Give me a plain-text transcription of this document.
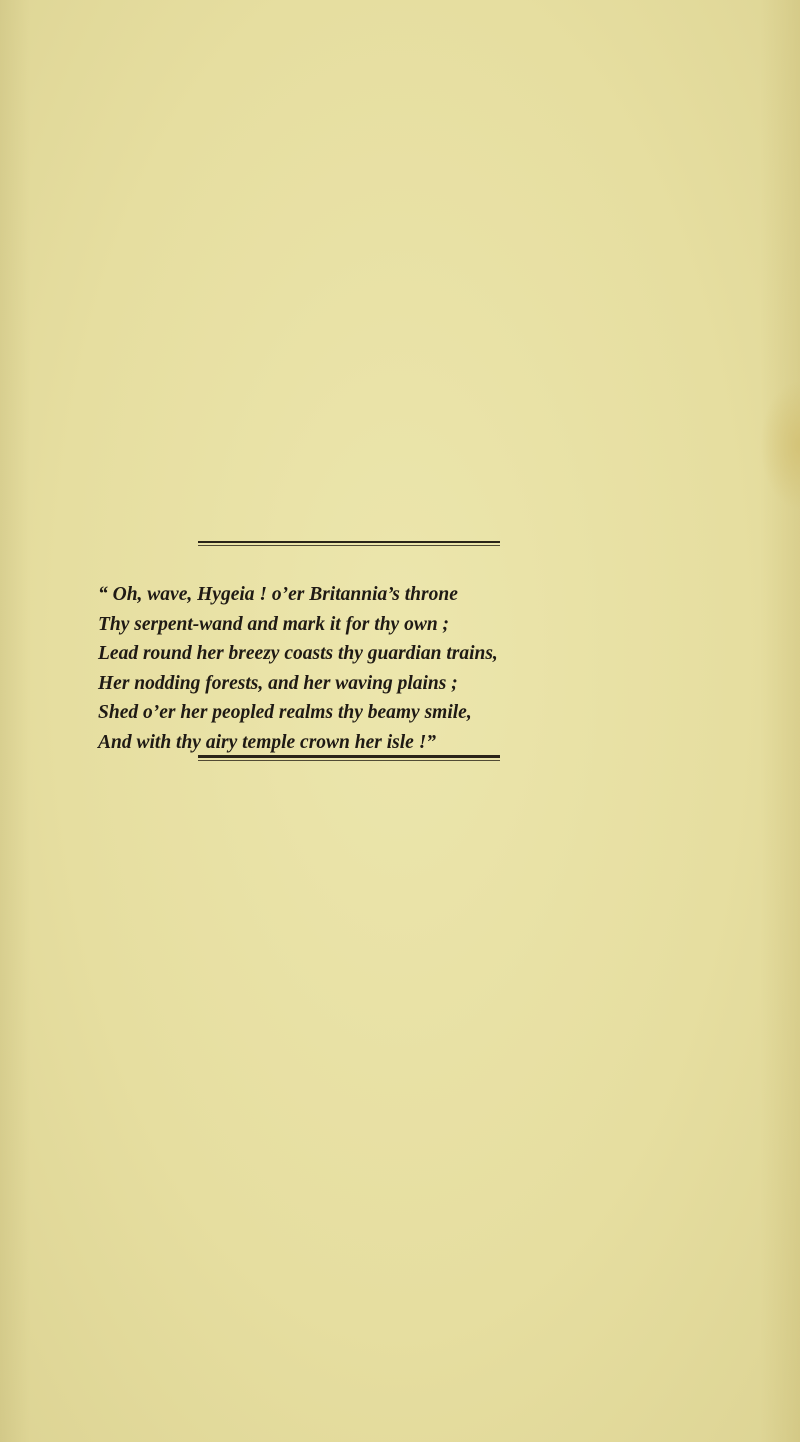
“ Oh, wave, Hygeia ! o’er Britannia’s throne
Thy serpent-wand and mark it for thy own ;
Lead round her breezy coasts thy guardian trains,
Her nodding forests, and her waving plains ;
Shed o’er her peopled realms thy beamy smile,
And with thy airy temple crown her isle !”
